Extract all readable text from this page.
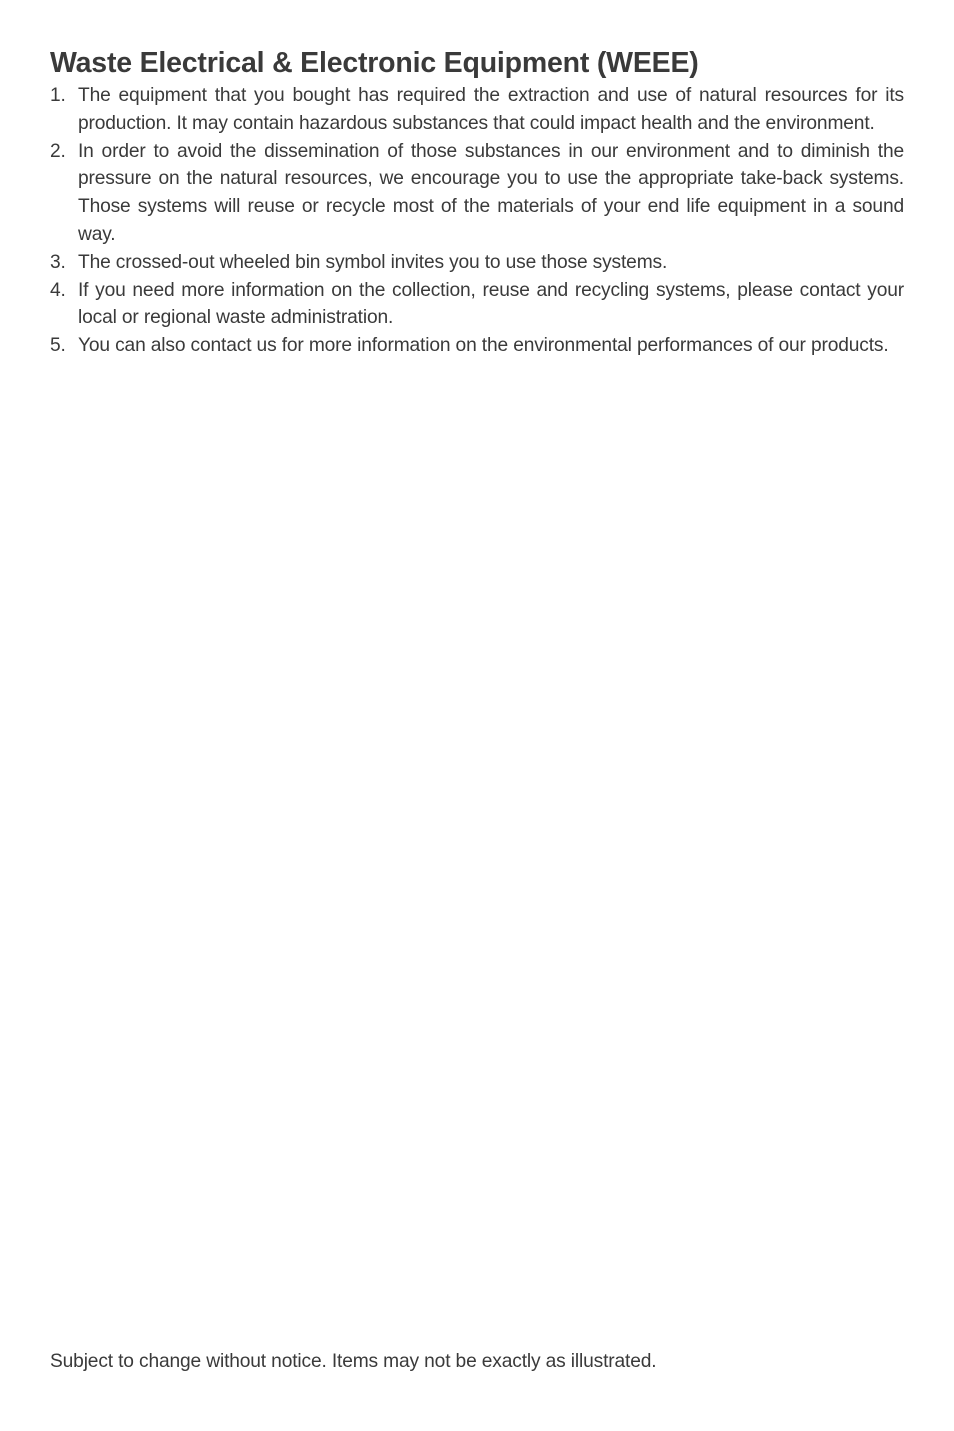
Waste Electrical & Electronic Equipment (WEEE)
1. The equipment that you bought has required the extraction and use of natural resources for its production. It may contain hazardous substances that could impact health and the environment.
2. In order to avoid the dissemination of those substances in our environment and to diminish the pressure on the natural resources, we encourage you to use the appropriate take-back systems. Those systems will reuse or recycle most of the materials of your end life equipment in a sound way.
3. The crossed-out wheeled bin symbol invites you to use those systems.
4. If you need more information on the collection, reuse and recycling systems, please contact your local or regional waste administration.
5. You can also contact us for more information on the environmental performances of our products.

Subject to change without notice. Items may not be exactly as illustrated.
